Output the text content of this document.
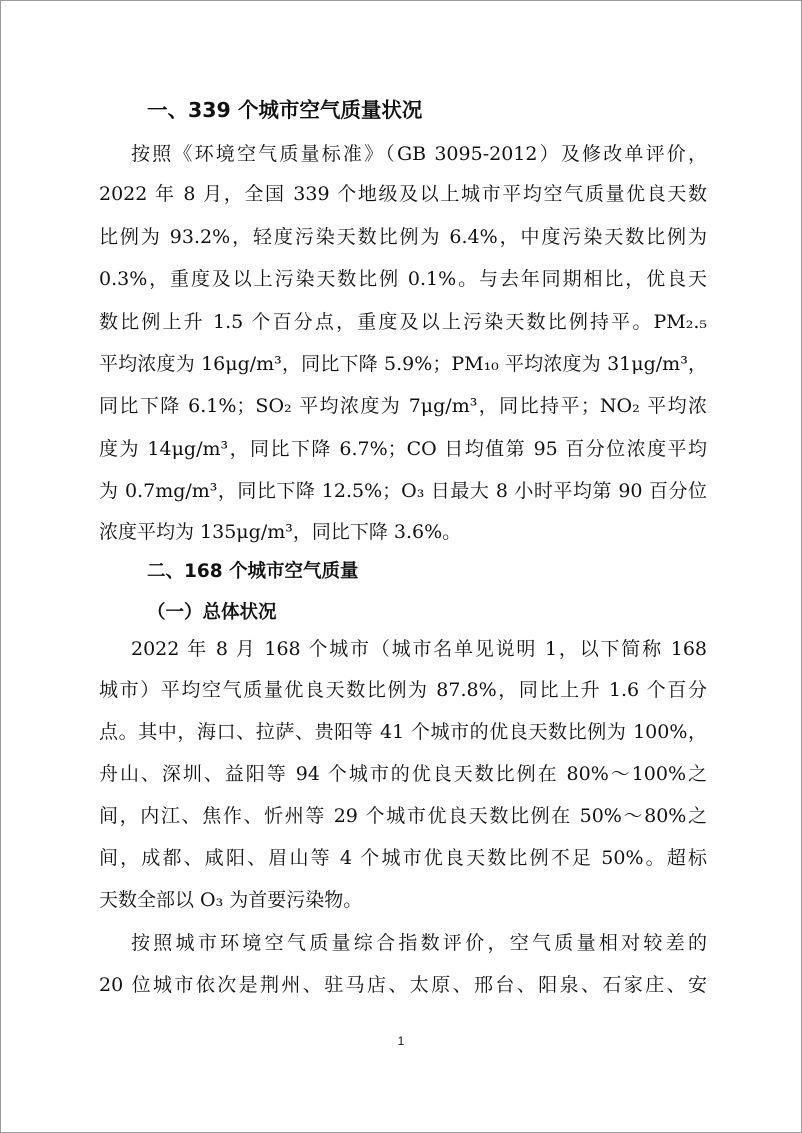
一、339 个城市空气质量状况
按照《环境空气质量标准》（GB 3095-2012）及修改单评价，
2022 年 8 月，全国 339 个地级及以上城市平均空气质量优良天数
比例为 93.2%，轻度污染天数比例为 6.4%，中度污染天数比例为
0.3%，重度及以上污染天数比例 0.1%。与去年同期相比，优良天
数比例上升 1.5 个百分点，重度及以上污染天数比例持平。PM₂.₅
平均浓度为 16μg/m³，同比下降 5.9%；PM₁₀ 平均浓度为 31μg/m³，
同比下降 6.1%；SO₂ 平均浓度为 7μg/m³，同比持平；NO₂ 平均浓
度为 14μg/m³，同比下降 6.7%；CO 日均值第 95 百分位浓度平均
为 0.7mg/m³，同比下降 12.5%；O₃ 日最大 8 小时平均第 90 百分位
浓度平均为 135μg/m³，同比下降 3.6%。
二、168 个城市空气质量
（一）总体状况
2022 年 8 月 168 个城市（城市名单见说明 1，以下简称 168
城市）平均空气质量优良天数比例为 87.8%，同比上升 1.6 个百分
点。其中，海口、拉萨、贵阳等 41 个城市的优良天数比例为 100%，
舟山、深圳、益阳等 94 个城市的优良天数比例在 80%～100%之
间，内江、焦作、忻州等 29 个城市优良天数比例在 50%～80%之
间，成都、咸阳、眉山等 4 个城市优良天数比例不足 50%。超标
天数全部以 O₃ 为首要污染物。
按照城市环境空气质量综合指数评价，空气质量相对较差的
20 位城市依次是荆州、驻马店、太原、邢台、阳泉、石家庄、安
1
